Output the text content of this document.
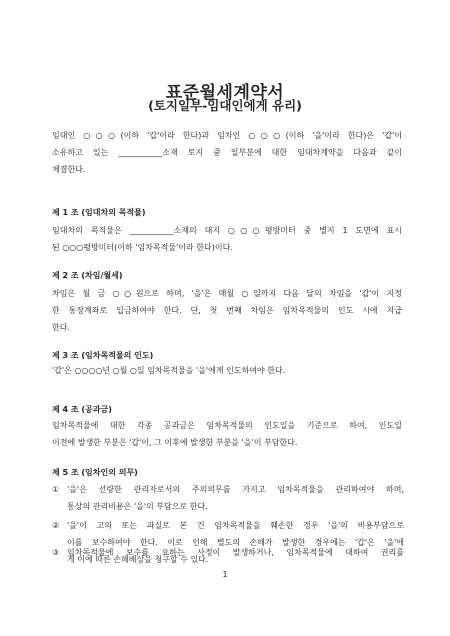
표준월세계약서
(토지일부-임대인에게 유리)
임대인 ○○○(이하 '갑'이라 한다)과 임차인 ○○○(이하 '을'이라 한다)은 '갑'이
소유하고 있는 ___________소재 토지 중 일부분에 대한 임대차계약을 다음과 같이
체결한다.
제 1 조 (임대차의 목적물)
임대차의 목적물은 ___________소재의 대지 ○○○평방미터 중 별지 1 도면에 표시
된 ○○○평방미터(이하 '임차목적물'이라 한다)이다.
제 2 조 (차임/월세)
차임은 월 금 ○○원으로 하며, '을'은 매월 ○일까지 다음 달의 차임을 '갑'이 지정
한 통장계좌로 입금하여야 한다. 단, 첫 번째 차임은 임차목적물의 인도 시에 지급
한다.
제 3 조 (임차목적물의 인도)
'갑'은 ○○○○년 ○월 ○일 임차목적물을 '을'에게 인도하여야 한다.
제 4 조 (공과금)
임차목적물에 대한 각종 공과금은 임차목적물의 인도일을 기준으로 하여, 인도일
이전에 발생한 부분은 '갑'이, 그 이후에 발생한 부분을 '을'이 부담한다.
제 5 조 (임차인의 의무)
① '을'은 선량한 관리자로서의 주의의무를 가지고 임차목적물을 관리하여야 하며,
통상의 관리비용은 '을'의 부담으로 한다.
② '을'이 고의 또는 과실로 본 건 임차목적물을 훼손한 경우 '을'의 비용부담으로
이를 보수하여야 한다. 이로 인해 별도의 손해가 발생한 경우에는 '갑'은 '을'에
게 이에 따른 손해배상을 청구할 수 있다.
③ 임차목적물에 보수를 요하는 사정이 발생하거나, 임차목적물에 대하여 권리를
1
